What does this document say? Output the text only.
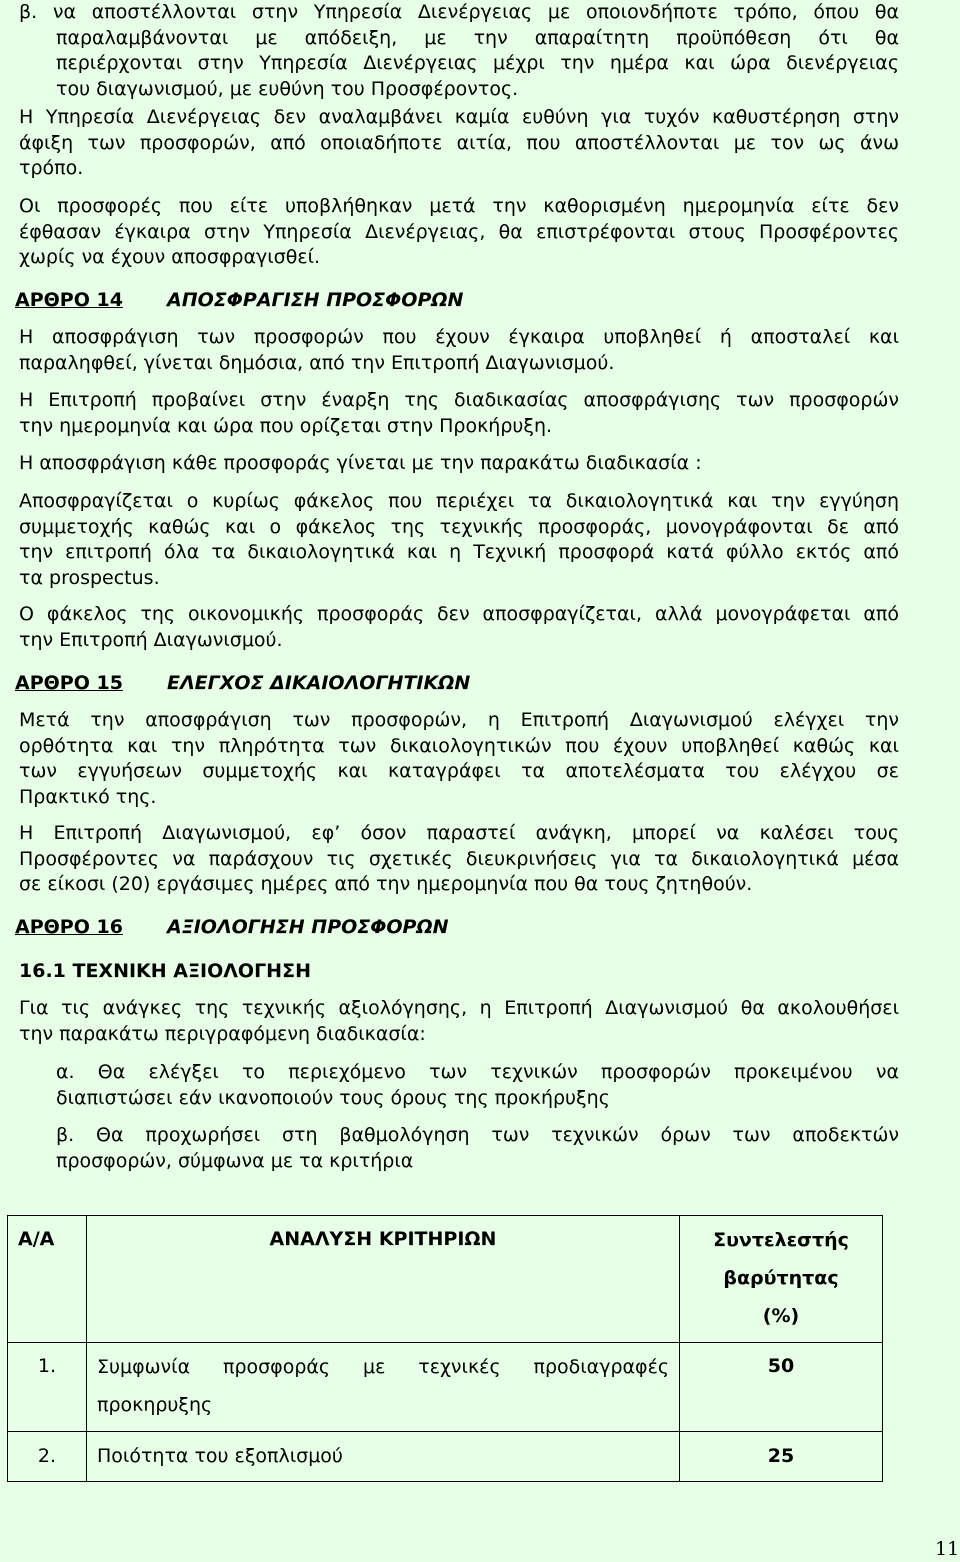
β. να αποστέλλονται στην Υπηρεσία Διενέργειας με οποιονδήποτε τρόπο, όπου θα
παραλαμβάνονται με απόδειξη, με την απαραίτητη προϋπόθεση ότι θα
περιέρχονται στην Υπηρεσία Διενέργειας μέχρι την ημέρα και ώρα διενέργειας
του διαγωνισμού, με ευθύνη του Προσφέροντος.
Η Υπηρεσία Διενέργειας δεν αναλαμβάνει καμία ευθύνη για τυχόν καθυστέρηση στην
άφιξη των προσφορών, από οποιαδήποτε αιτία, που αποστέλλονται με τον ως άνω
τρόπο.
Οι προσφορές που είτε υποβλήθηκαν μετά την καθορισμένη ημερομηνία είτε δεν
έφθασαν έγκαιρα στην Υπηρεσία Διενέργειας, θα επιστρέφονται στους Προσφέροντες
χωρίς να έχουν αποσφραγισθεί.
ΑΡΘΡΟ 14 ΑΠΟΣΦΡΑΓΙΣΗ ΠΡΟΣΦΟΡΩΝ
Η αποσφράγιση των προσφορών που έχουν έγκαιρα υποβληθεί ή αποσταλεί και
παραληφθεί, γίνεται δημόσια, από την Επιτροπή Διαγωνισμού.
Η Επιτροπή προβαίνει στην έναρξη της διαδικασίας αποσφράγισης των προσφορών
την ημερομηνία και ώρα που ορίζεται στην Προκήρυξη.
Η αποσφράγιση κάθε προσφοράς γίνεται με την παρακάτω διαδικασία :
Αποσφραγίζεται ο κυρίως φάκελος που περιέχει τα δικαιολογητικά και την εγγύηση
συμμετοχής καθώς και ο φάκελος της τεχνικής προσφοράς, μονογράφονται δε από
την επιτροπή όλα τα δικαιολογητικά και η Τεχνική προσφορά κατά φύλλο εκτός από
τα prospectus.
Ο φάκελος της οικονομικής προσφοράς δεν αποσφραγίζεται, αλλά μονογράφεται από
την Επιτροπή Διαγωνισμού.
ΑΡΘΡΟ 15 ΕΛΕΓΧΟΣ ΔΙΚΑΙΟΛΟΓΗΤΙΚΩΝ
Μετά την αποσφράγιση των προσφορών, η Επιτροπή Διαγωνισμού ελέγχει την
ορθότητα και την πληρότητα των δικαιολογητικών που έχουν υποβληθεί καθώς και
των εγγυήσεων συμμετοχής και καταγράφει τα αποτελέσματα του ελέγχου σε
Πρακτικό της.
Η Επιτροπή Διαγωνισμού, εφ’ όσον παραστεί ανάγκη, μπορεί να καλέσει τους
Προσφέροντες να παράσχουν τις σχετικές διευκρινήσεις για τα δικαιολογητικά μέσα
σε είκοσι (20) εργάσιμες ημέρες από την ημερομηνία που θα τους ζητηθούν.
ΑΡΘΡΟ 16 ΑΞΙΟΛΟΓΗΣΗ ΠΡΟΣΦΟΡΩΝ
16.1 ΤΕΧΝΙΚΗ ΑΞΙΟΛΟΓΗΣΗ
Για τις ανάγκες της τεχνικής αξιολόγησης, η Επιτροπή Διαγωνισμού θα ακολουθήσει
την παρακάτω περιγραφόμενη διαδικασία:
α. Θα ελέγξει το περιεχόμενο των τεχνικών προσφορών προκειμένου να
διαπιστώσει εάν ικανοποιούν τους όρους της προκήρυξης
β. Θα προχωρήσει στη βαθμολόγηση των τεχνικών όρων των αποδεκτών
προσφορών, σύμφωνα με τα κριτήρια
Α/Α	ΑΝΑΛΥΣΗ ΚΡΙΤΗΡΙΩΝ	Συντελεστής
βαρύτητας
(%)

1.	Συμφωνία προσφοράς με τεχνικές προδιαγραφές
προκηρυξης	50
2.	Ποιότητα του εξοπλισμού	25
11
